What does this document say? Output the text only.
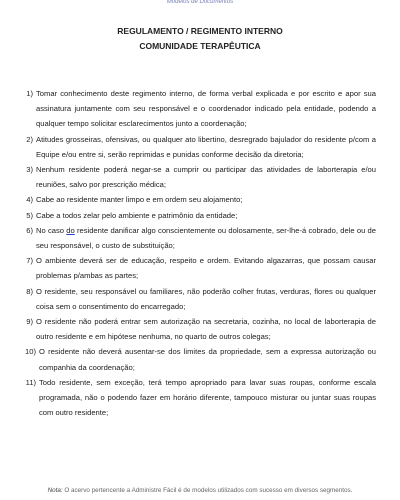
Modelos de Documentos
REGULAMENTO / REGIMENTO INTERNO
COMUNIDADE TERAPÊUTICA
1) Tomar conhecimento deste regimento interno, de forma verbal explicada e por escrito e apor sua assinatura juntamente com seu responsável e o coordenador indicado pela entidade, podendo a qualquer tempo solicitar esclarecimentos junto a coordenação;
2) Atitudes grosseiras, ofensivas, ou qualquer ato libertino, desregrado bajulador do residente p/com a Equipe e/ou entre si, serão reprimidas e punidas conforme decisão da diretoria;
3) Nenhum residente poderá negar-se a cumprir ou participar das atividades de laborterapia e/ou reuniões, salvo por prescrição médica;
4) Cabe ao residente manter limpo e em ordem seu alojamento;
5) Cabe a todos zelar pelo ambiente e patrimônio da entidade;
6) No caso do residente danificar algo conscientemente ou dolosamente, ser-lhe-á cobrado, dele ou de seu responsável, o custo de substituição;
7) O ambiente deverá ser de educação, respeito e ordem. Evitando algazarras, que possam causar problemas p/ambas as partes;
8) O residente, seu responsável ou familiares, não poderão colher frutas, verduras, flores ou qualquer coisa sem o consentimento do encarregado;
9) O residente não poderá entrar sem autorização na secretaria, cozinha, no local de laborterapia de outro residente e em hipótese nenhuma, no quarto de outros colegas;
10) O residente não deverá ausentar-se dos limites da propriedade, sem a expressa autorização ou companhia da coordenação;
11) Todo residente, sem exceção, terá tempo apropriado para lavar suas roupas, conforme escala programada, não o podendo fazer em horário diferente, tampouco misturar ou juntar suas roupas com outro residente;
Nota: O acervo pertencente a Administre Fácil é de modelos utilizados com sucesso em diversos segmentos.
